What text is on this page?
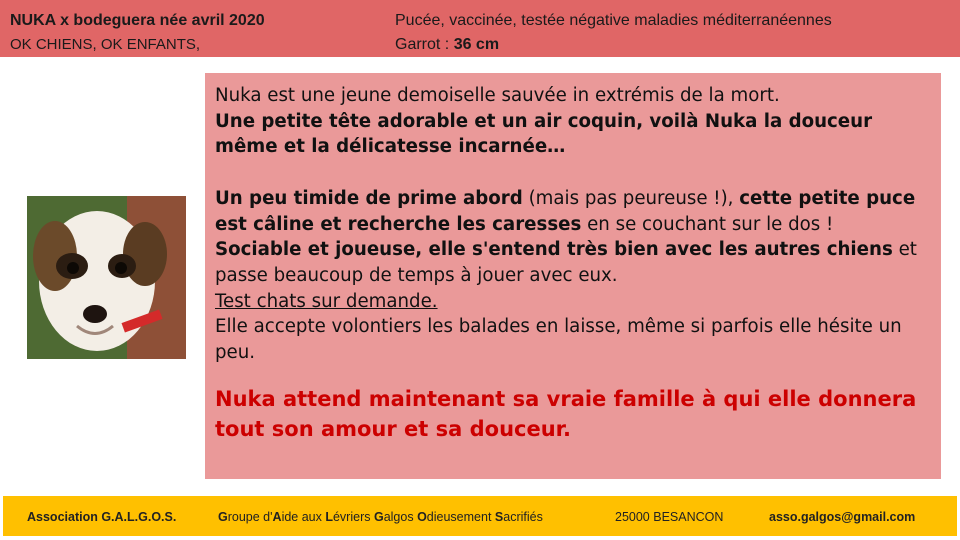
NUKA x bodeguera née avril 2020
OK CHIENS, OK ENFANTS,
Pucée, vaccinée, testée négative maladies méditerranéennes
Garrot : 36 cm

Nuka est une jeune demoiselle sauvée in extrémis de la mort.

Une petite tête adorable et un air coquin, voilà Nuka la douceur même et la délicatesse incarnée…

Un peu timide de prime abord (mais pas peureuse !), cette petite puce est câline et recherche les caresses en se couchant sur le dos !

Sociable et joueuse, elle s'entend très bien avec les autres chiens et passe beaucoup de temps à jouer avec eux.

Test chats sur demande.

Elle accepte volontiers les balades en laisse, même si parfois elle hésite un peu.

Nuka attend maintenant sa vraie famille à qui elle donnera tout son amour et sa douceur.

Association G.A.L.G.O.S.	Groupe d'Aide aux Lévriers Galgos Odieusement Sacrifiés	25000 BESANCON	asso.galgos@gmail.com
